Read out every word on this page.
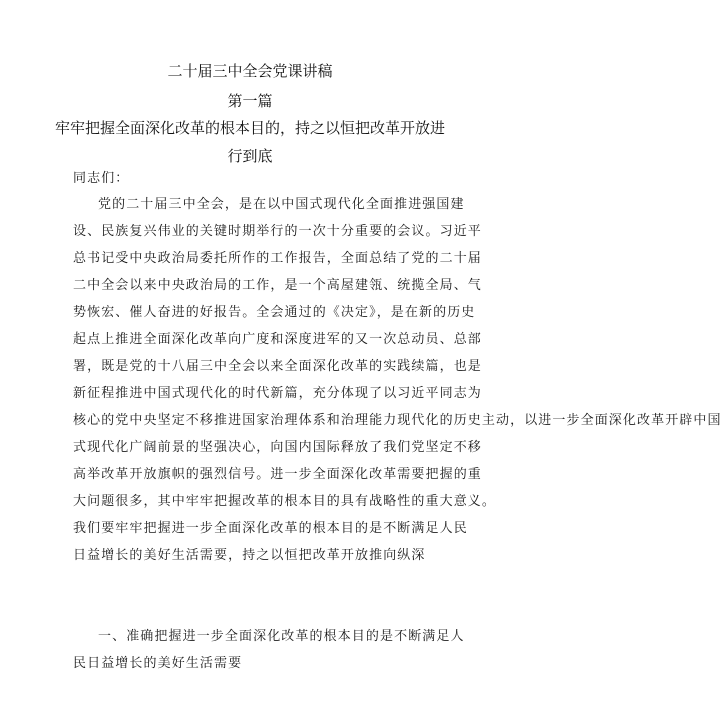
二十届三中全会党课讲稿
第一篇
牢牢把握全面深化改革的根本目的，持之以恒把改革开放进
行到底
同志们：
党的二十届三中全会，是在以中国式现代化全面推进强国建
设、民族复兴伟业的关键时期举行的一次十分重要的会议。习近平
总书记受中央政治局委托所作的工作报告，全面总结了党的二十届
二中全会以来中央政治局的工作，是一个高屋建瓴、统揽全局、气
势恢宏、催人奋进的好报告。全会通过的《决定》，是在新的历史
起点上推进全面深化改革向广度和深度进军的又一次总动员、总部
署，既是党的十八届三中全会以来全面深化改革的实践续篇，也是
新征程推进中国式现代化的时代新篇，充分体现了以习近平同志为
核心的党中央坚定不移推进国家治理体系和治理能力现代化的历史主动，以进一步全面深化改革开辟中国
式现代化广阔前景的坚强决心，向国内国际释放了我们党坚定不移
高举改革开放旗帜的强烈信号。进一步全面深化改革需要把握的重
大问题很多，其中牢牢把握改革的根本目的具有战略性的重大意义。
我们要牢牢把握进一步全面深化改革的根本目的是不断满足人民
日益增长的美好生活需要，持之以恒把改革开放推向纵深
一、准确把握进一步全面深化改革的根本目的是不断满足人
民日益增长的美好生活需要
